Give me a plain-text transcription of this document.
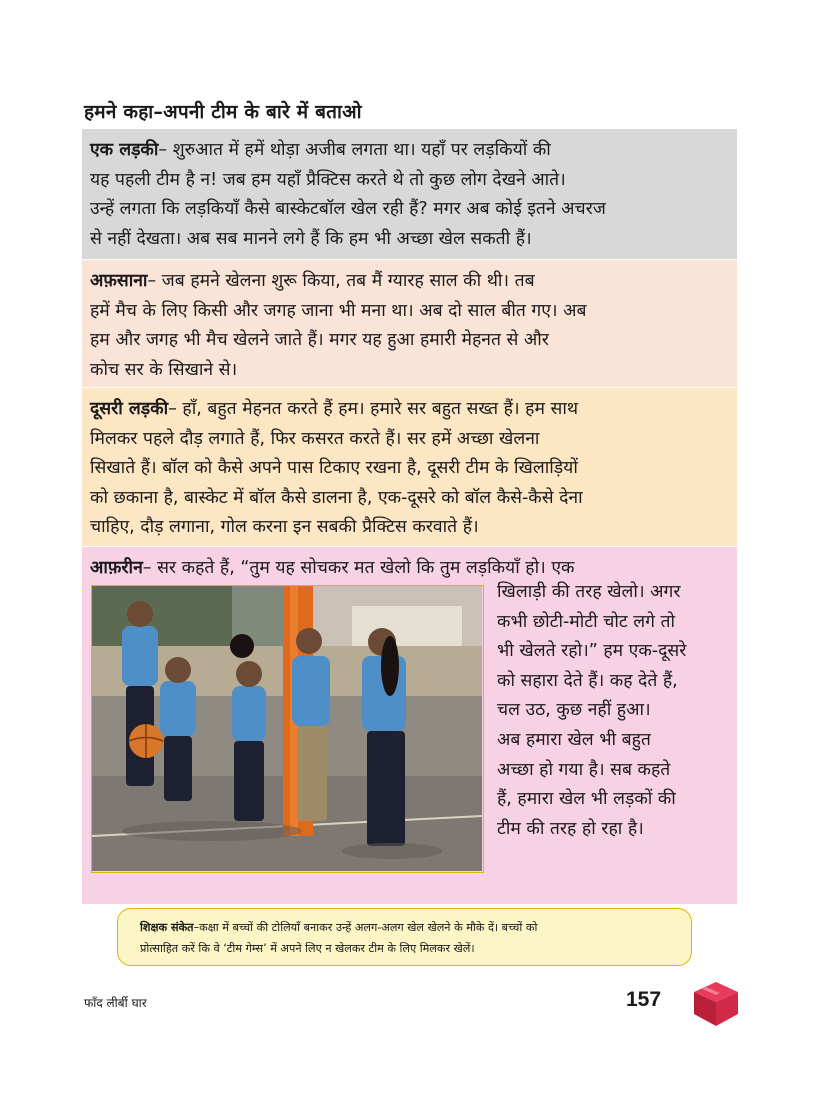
हमने कहा–अपनी टीम के बारे में बताओ
एक लड़की– शुरुआत में हमें थोड़ा अजीब लगता था। यहाँ पर लड़कियों की
यह पहली टीम है न! जब हम यहाँ प्रैक्टिस करते थे तो कुछ लोग देखने आते।
उन्हें लगता कि लड़कियाँ कैसे बास्केटबॉल खेल रही हैं? मगर अब कोई इतने अचरज
से नहीं देखता। अब सब मानने लगे हैं कि हम भी अच्छा खेल सकती हैं।
अफ़साना– जब हमने खेलना शुरू किया, तब मैं ग्यारह साल की थी। तब
हमें मैच के लिए किसी और जगह जाना भी मना था। अब दो साल बीत गए। अब
हम और जगह भी मैच खेलने जाते हैं। मगर यह हुआ हमारी मेहनत से और
कोच सर के सिखाने से।
दूसरी लड़की– हाँ, बहुत मेहनत करते हैं हम। हमारे सर बहुत सख्त हैं। हम साथ
मिलकर पहले दौड़ लगाते हैं, फिर कसरत करते हैं। सर हमें अच्छा खेलना
सिखाते हैं। बॉल को कैसे अपने पास टिकाए रखना है, दूसरी टीम के खिलाड़ियों
को छकाना है, बास्केट में बॉल कैसे डालना है, एक-दूसरे को बॉल कैसे-कैसे देना
चाहिए, दौड़ लगाना, गोल करना इन सबकी प्रैक्टिस करवाते हैं।
आफ़रीन– सर कहते हैं, “तुम यह सोचकर मत खेलो कि तुम लड़कियाँ हो। एक
खिलाड़ी की तरह खेलो। अगर
कभी छोटी-मोटी चोट लगे तो
भी खेलते रहो।” हम एक-दूसरे
को सहारा देते हैं। कह देते हैं,
चल उठ, कुछ नहीं हुआ।
अब हमारा खेल भी बहुत
अच्छा हो गया है। सब कहते
हैं, हमारा खेल भी लड़कों की
टीम की तरह हो रहा है।
शिक्षक संकेत–कक्षा में बच्चों की टोलियाँ बनाकर उन्हें अलग-अलग खेल खेलने के मौके दें। बच्चों को
प्रोत्साहित करें कि वे ‘टीम गेम्स’ में अपने लिए न खेलकर टीम के लिए मिलकर खेलें।
फाँद लीर्बी घार	157
